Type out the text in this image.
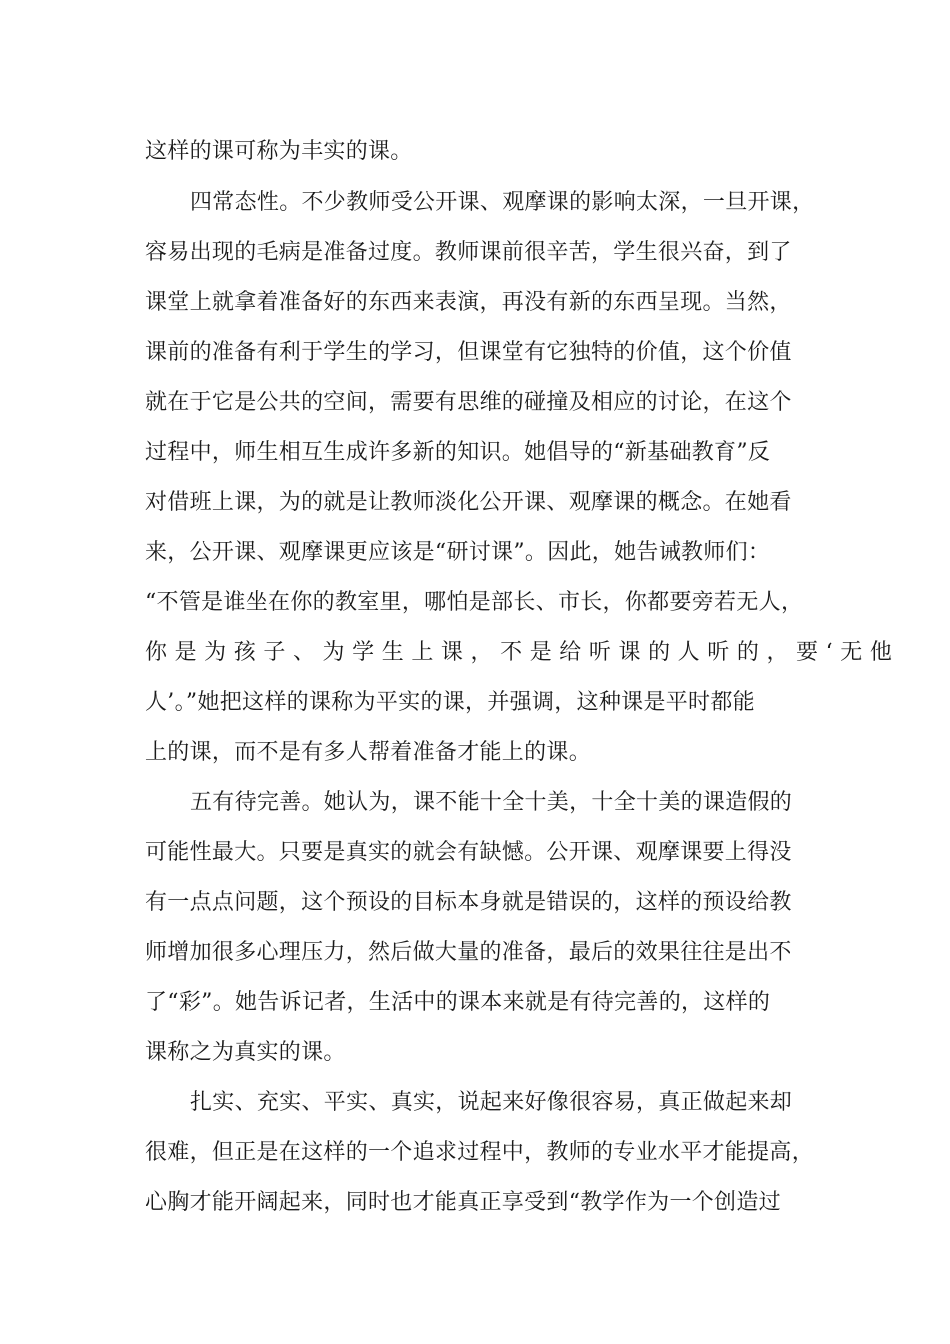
这样的课可称为丰实的课。
四常态性。不少教师受公开课、观摩课的影响太深，一旦开课，
容易出现的毛病是准备过度。教师课前很辛苦，学生很兴奋，到了
课堂上就拿着准备好的东西来表演，再没有新的东西呈现。当然，
课前的准备有利于学生的学习，但课堂有它独特的价值，这个价值
就在于它是公共的空间，需要有思维的碰撞及相应的讨论，在这个
过程中，师生相互生成许多新的知识。她倡导的“新基础教育”反
对借班上课，为的就是让教师淡化公开课、观摩课的概念。在她看
来，公开课、观摩课更应该是“研讨课”。因此，她告诫教师们：
“不管是谁坐在你的教室里，哪怕是部长、市长，你都要旁若无人，
你 是 为 孩 子 、 为 学 生 上 课 ， 不 是 给 听 课 的 人 听 的 ， 要 ‘ 无 他
人’。”她把这样的课称为平实的课，并强调，这种课是平时都能
上的课，而不是有多人帮着准备才能上的课。
五有待完善。她认为，课不能十全十美，十全十美的课造假的
可能性最大。只要是真实的就会有缺憾。公开课、观摩课要上得没
有一点点问题，这个预设的目标本身就是错误的，这样的预设给教
师增加很多心理压力，然后做大量的准备，最后的效果往往是出不
了“彩”。她告诉记者，生活中的课本来就是有待完善的，这样的
课称之为真实的课。
扎实、充实、平实、真实，说起来好像很容易，真正做起来却
很难，但正是在这样的一个追求过程中，教师的专业水平才能提高，
心胸才能开阔起来，同时也才能真正享受到“教学作为一个创造过
